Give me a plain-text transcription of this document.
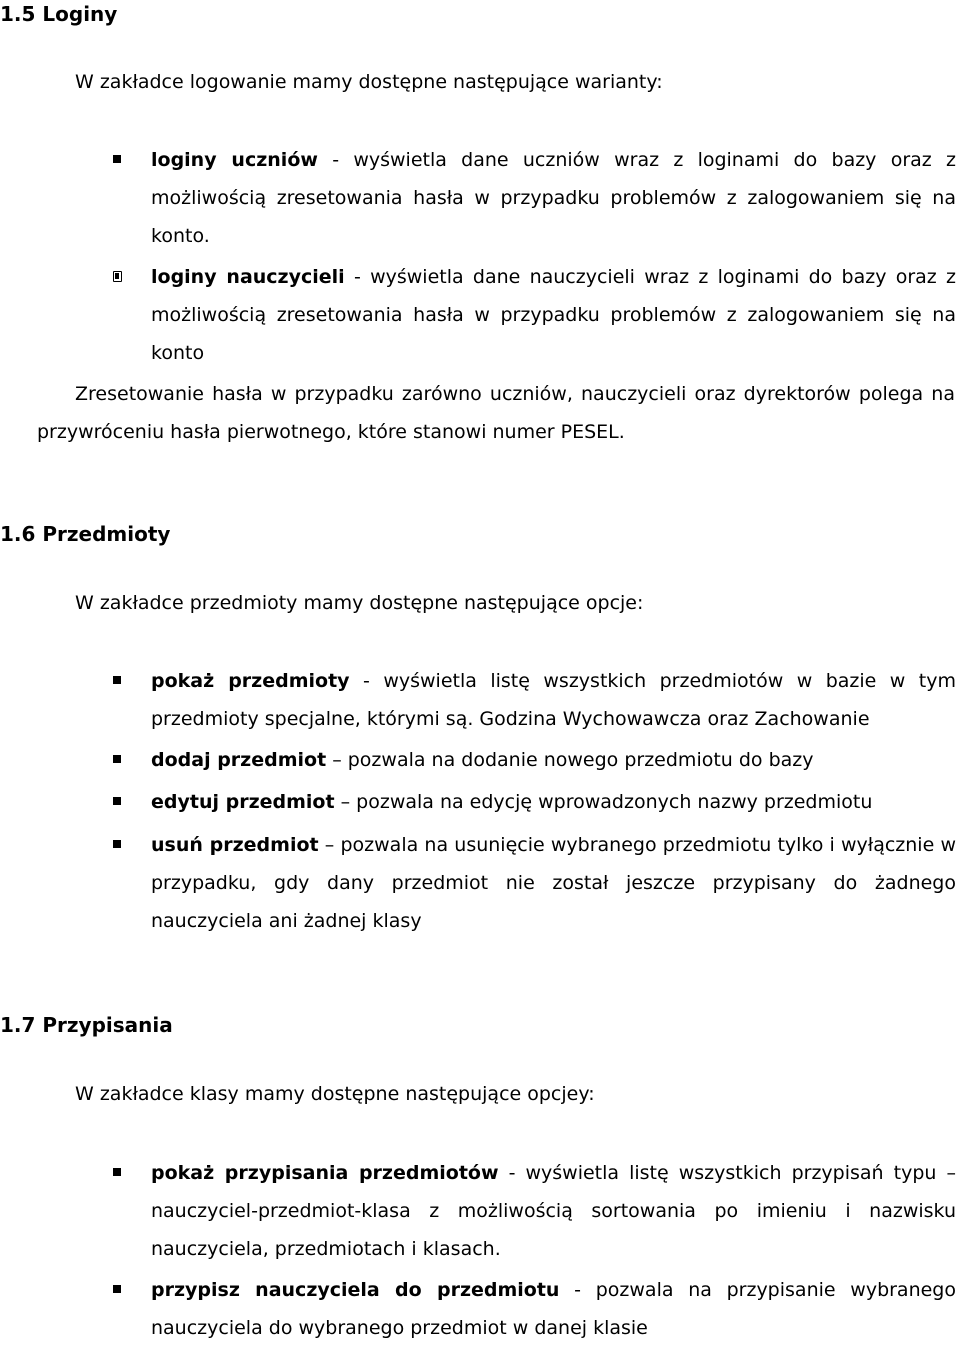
1.5 Loginy

W zakładce logowanie mamy dostępne następujące warianty:

loginy uczniów - wyświetla dane uczniów wraz z loginami do bazy oraz z możliwością zresetowania hasła w przypadku problemów z zalogowaniem się na konto.

loginy nauczycieli - wyświetla dane nauczycieli wraz z loginami do bazy oraz z możliwością zresetowania hasła w przypadku problemów z zalogowaniem się na konto

Zresetowanie hasła w przypadku zarówno uczniów, nauczycieli oraz dyrektorów polega na przywróceniu hasła pierwotnego, które stanowi numer PESEL.

1.6 Przedmioty

W zakładce przedmioty mamy dostępne następujące opcje:

pokaż przedmioty - wyświetla listę wszystkich przedmiotów w bazie w tym przedmioty specjalne, którymi są. Godzina Wychowawcza oraz Zachowanie

dodaj przedmiot – pozwala na dodanie nowego przedmiotu do bazy

edytuj przedmiot – pozwala na edycję wprowadzonych nazwy przedmiotu

usuń przedmiot – pozwala na usunięcie wybranego przedmiotu tylko i wyłącznie w przypadku, gdy dany przedmiot nie został jeszcze przypisany do żadnego nauczyciela ani żadnej klasy

1.7 Przypisania

W zakładce klasy mamy dostępne następujące opcjey:

pokaż przypisania przedmiotów - wyświetla listę wszystkich przypisań typu – nauczyciel-przedmiot-klasa z możliwością sortowania po imieniu i nazwisku nauczyciela, przedmiotach i klasach.

przypisz nauczyciela do przedmiotu - pozwala na przypisanie wybranego nauczyciela do wybranego przedmiot w danej klasie
